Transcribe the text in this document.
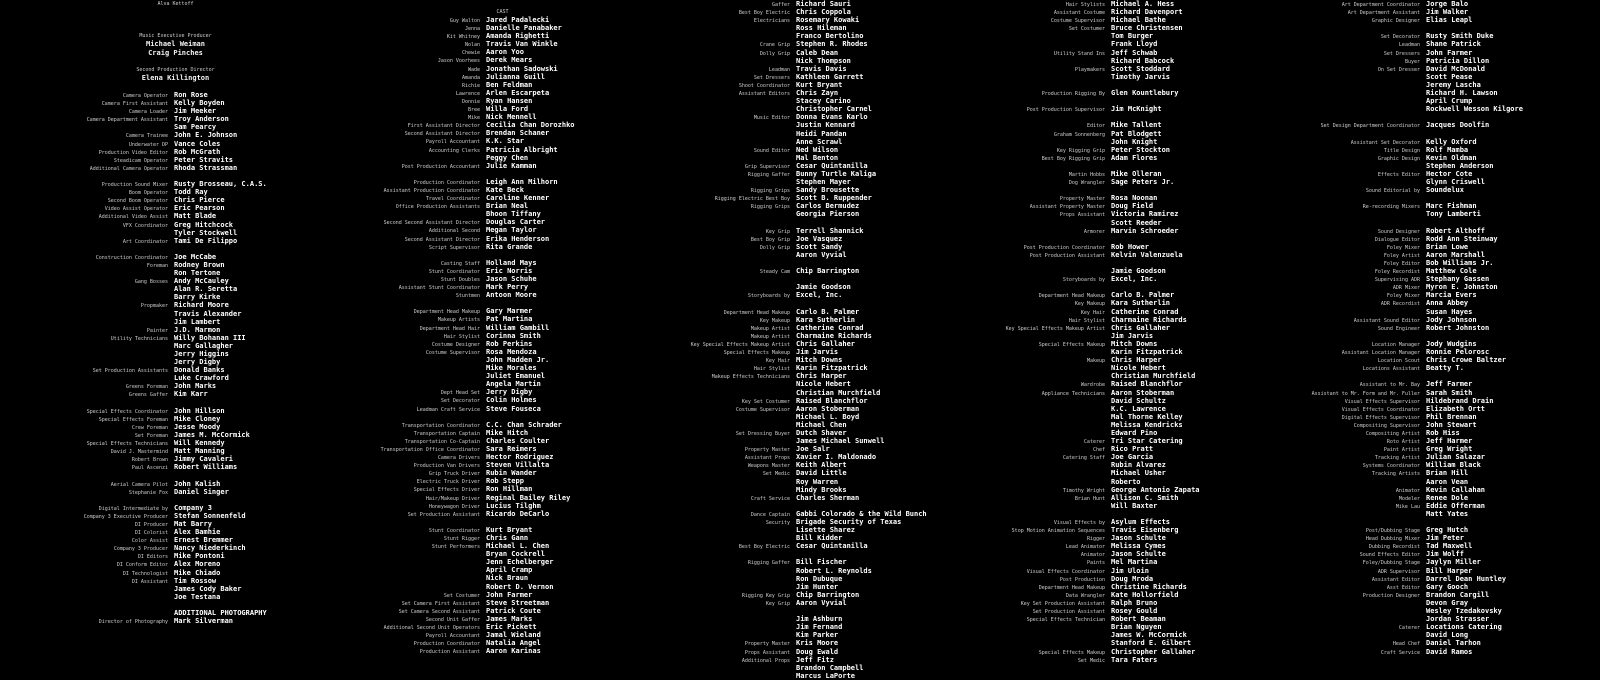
Alva Kettoff
Music Executive Producer
Michael Weiman
Craig Pinches
Second Production Director
Elena Killington
Camera Operator Ron Rose
Camera First Assistant Kelly Boyden
Camera Loader Jim Meeker
Camera Department Assistant Troy Anderson
Sam Pearcy
Camera Trainee John E. Johnson
Underwater DP Vance Coles
Production Video Editor Rob McGrath
Steadicam Operator Peter Stravits
Additional Camera Operator Rhoda Strassman
Production Sound Mixer Rusty Brosseau, C.A.S.
Boom Operator Todd Ray
Second Boom Operator Chris Pierce
Video Assist Operator Eric Pearson
Additional Video Assist Matt Blade
VFX Coordinator Greg Hitchcock
Tyler Stockwell
Art Coordinator Tami De Filippo
Construction Coordinator Joe McCabe
Foreman Rodney Brown
Ron Tertone
Gang Bosses Andy McCauley
Alan R. Seretta
Barry Kirke
Propmaker Richard Moore
Travis Alexander
Jim Lambert
Painter J.D. Marmon
Utility Technicians Willy Bohanan III
Marc Gallagher
Jerry Higgins
Jerry Digby
Set Production Assistants Donald Banks
Luke Crawford
Greens Foreman John Marks
Greens Gaffer Kim Karr
Special Effects Coordinator John Hillson
Special Effects Foreman Mike Cloney
Crew Foreman Jesse Moody
Set Foreman James M. McCormick
Special Effects Technicians Will Kennedy
David J. Mastermind Matt Manning
Robert Brown Jimmy Cavaleri
Paul Ascenzi Robert Williams
Aerial Camera Pilot John Kalish
Stephanie Fox Daniel Singer
Digital Intermediate by Company 3
Company 3 Executive Producer Stefan Sonnenfeld
DI Producer Mat Barry
DI Colorist Alex Bamhie
Color Assist Ernest Bremmer
Company 3 Producer Nancy Niederkinch
DI Editors Mike Pontoni
DI Conform Editor Alex Moreno
DI Technologist Mike Chiado
DI Assistant Tim Rossow
James Cody Baker
Joe Testana
ADDITIONAL PHOTOGRAPHY
Director of Photography Mark Silverman
CAST
Guy Walton Jared Padalecki
Jenna Danielle Panabaker
Kit Whitney Amanda Righetti
Nolan Travis Van Winkle
Chewie Aaron Yoo
Jason Voorhees Derek Mears
Wade Jonathan Sadowski
Amanda Julianna Guill
Richie Ben Feldman
Lawrence Arlen Escarpeta
Donnie Ryan Hansen
Bree Willa Ford
Mike Nick Mennell
First Assistant Director Cecilia Chan Dorozhko
Second Assistant Director Brendan Schaner
Payroll Accountant K.K. Star
Accounting Clerks Patricia Albright
Peggy Chen
Post Production Accountant Julie Kamman
Production Coordinator Leigh Ann Milhorn
Assistant Production Coordinator Kate Beck
Travel Coordinator Caroline Kenner
Office Production Assistants Brian Neal
Bhoon Tiffany
Second Second Assistant Director Douglas Carter
Additional Second Megan Taylor
Second Assistant Director Erika Henderson
Script Supervisor Rita Grande
Casting Staff Holland Mays
Stunt Coordinator Eric Norris
Stunt Doubles Jason Schuhe
Assistant Stunt Coordinator Mark Perry
Stuntmen Antoon Moore
Department Head Makeup Gary Marmer
Makeup Artists Pat Martina
Department Head Hair William Gambill
Hair Stylist Corinna Smith
Costume Designer Rob Perkins
Costume Supervisor Rosa Mendoza
John Madden Jr.
Mike Morales
Juliet Emanuel
Angela Martin
Dept Head Set Jerry Digby
Set Decorator Colin Holmes
Leadman Craft Service Steve Fouseca
Transportation Coordinator C.C. Chan Schrader
Transportation Captain Mike Hitch
Transportation Co-Captain Charles Coulter
Transportation Office Coordinator Sara Reimers
Camera Drivers Hector Rodriguez
Production Van Drivers Steven Villalta
Grip Truck Driver Rubin Wander
Electric Truck Driver Rob Stepp
Special Effects Driver Ron Hillman
Hair/Makeup Driver Reginal Bailey Riley
Honeywagon Driver Lucius Tilghm
Set Production Assistant Ricardo DeCarlo
Stunt Coordinator Kurt Bryant
Stunt Rigger Chris Gann
Stunt Performers Michael L. Chen
Bryan Cockrell
Jenn Echelberger
April Cramp
Nick Braun
Robert D. Vernon
Set Costumer John Farmer
Set Camera First Assistant Steve Streetman
Set Camera Second Assistant Patrick Coute
Second Unit Gaffer James Marks
Additional Second Unit Operators Eric Pickett
Payroll Accountant Jamal Wieland
Production Coordinator Natalia Angel
Production Assistant Aaron Karinas
Gaffer Richard Sauri
Best Boy Electric Chris Coppola
Electricians Rosemary Kowaki
Ross Hileman
Franco Bertolino
Crane Grip Stephen R. Rhodes
Dolly Grip Caleb Dean
Nick Thompson
Leadman Travis Davis
Set Dressers Kathleen Garrett
Shoot Coordinator Kurt Bryant
Assistant Editors Chris Zayn
Stacey Carino
Christopher Carnel
Music Editor Donna Evans Karlo
Justin Kennard
Heidi Pandan
Anne Scrawl
Sound Editor Ned Wilson
Mal Benton
Grip Supervisor Cesar Quintanilla
Rigging Gaffer Bunny Turtle Kaliga
Stephen Mayer
Rigging Grips Sandy Brousette
Rigging Electric Best Boy Scott B. Ruppender
Rigging Grips Carlos Bermudez
Georgia Pierson
Key Grip Terrell Shannick
Best Boy Grip Joe Vasquez
Dolly Grip Scott Sandy
Aaron Vyvial
Steady Cam Chip Barrington
Jamie Goodson
Storyboards by Excel, Inc.
Department Head Makeup Carlo B. Palmer
Key Makeup Kara Sutherlin
Makeup Artist Catherine Conrad
Makeup Artist Charmaine Richards
Key Special Effects Makeup Artist Chris Gallaher
Special Effects Makeup Jim Jarvis
Key Hair Mitch Downs
Hair Stylist Karin Fitzpatrick
Makeup Effects Technicians Chris Harper
Nicole Hebert
Christian Murchfield
Key Set Costumer Raised Blanchflor
Costume Supervisor Aaron Stoberman
Michael L. Boyd
Michael Chen
Set Dressing Buyer Dutch Shaver
James Michael Sunwell
Property Master Joe Salr
Assistant Props Xavier I. Maldonado
Weapons Master Keith Albert
Set Medic David Little
Roy Warren
Mindy Brooks
Craft Service Charles Sherman
Dance Captain Gabbi Colorado & the Wild Bunch
Security Brigade Security of Texas
Lisette Sharez
Bill Kidder
Best Boy Electric Cesar Quintanilla
Rigging Gaffer Bill Fischer
Robert L. Reynolds
Ron Dubuque
Jim Hunter
Rigging Key Grip Chip Barrington
Key Grip Aaron Vyvial
Jim Ashburn
Jim Fernand
Kim Parker
Property Master Kris Moore
Props Assistant Doug Ewald
Additional Props Jeff Fitz
Brandon Campbell
Marcus LaPorte
Hair Stylists Michael A. Hess
Assistant Costume Richard Davenport
Costume Supervisor Michael Bathe
Set Costumer Bruce Christensen
Tom Burger
Frank Lloyd
Utility Stand Ins Jeff Schwab
Richard Babcock
Playmakers Scott Stoddard
Timothy Jarvis
Production Rigging By Glen Kountlebury
Post Production Supervisor Jim McKnight
Editor Mike Tallent
Graham Sonnenberg Pat Blodgett
John Knight
Key Rigging Grip Peter Stockton
Best Boy Rigging Grip Adam Flores
Martin Hobbs Mike Olleran
Dog Wrangler Sage Peters Jr.
Property Master Rosa Noonan
Assistant Property Master Doug Field
Props Assistant Victoria Ramirez
Scott Reeder
Armorer Marvin Schroeder
Post Production Coordinator Rob Hower
Post Production Assistant Kelvin Valenzuela
Jamie Goodson
Storyboards by Excel, Inc.
Department Head Makeup Carlo B. Palmer
Key Makeup Kara Sutherlin
Key Hair Catherine Conrad
Hair Stylist Charmaine Richards
Key Special Effects Makeup Artist Chris Gallaher
Jim Jarvis
Special Effects Makeup Mitch Downs
Karin Fitzpatrick
Makeup Chris Harper
Nicole Hebert
Christian Murchfield
Wardrobe Raised Blanchflor
Appliance Technicians Aaron Stoberman
David Schultz
K.C. Lawrence
Mal Thorne Kelley
Melissa Kendricks
Edward Pino
Caterer Tri Star Catering
Chef Rico Pratt
Catering Staff Joe Garcia
Rubin Alvarez
Michael Usher
Roberto
Timothy Wright George Antonio Zapata
Brian Hunt Allison C. Smith
Will Baxter
Visual Effects by Asylum Effects
Stop Motion Animation Sequences Travis Eisenberg
Rigger Jason Schulte
Lead Animator Melissa Cymes
Animator Jason Schulte
Paints Mel Martina
Visual Effects Coordinator Jim Uloin
Post Production Doug Mroda
Department Head Makeup Christine Richards
Data Wrangler Kate Hollorfield
Key Set Production Assistant Ralph Bruno
Set Production Assistant Rosey Gould
Special Effects Technician Robert Beaman
Brian Nguyen
James W. McCormick
Stanford E. Gilbert
Special Effects Makeup Christopher Gallaher
Set Medic Tara Faters
Art Department Coordinator Jorge Balo
Art Department Assistant Jim Walker
Graphic Designer Elias Leapl
Set Decorator Rusty Smith Duke
Leadman Shane Patrick
Set Dressers John Farmer
Buyer Patricia Dillon
On Set Dresser David McDonald
Scott Pease
Jeremy Lascha
Richard H. Lawson
April Crump
Rockwell Wesson Kilgore
Set Design Department Coordinator Jacques Doolfin
Assistant Set Decorator Kelly Oxford
Title Design Rolf Mamba
Graphic Design Kevin Oldman
Stephen Anderson
Effects Editor Hector Cote
Glynn Criswell
Sound Editorial by Soundelux
Re-recording Mixers Marc Fishman
Tony Lamberti
Sound Designer Robert Althoff
Dialogue Editor Rodd Ann Steinway
Foley Mixer Brian Lowe
Foley Artist Aaron Marshall
Foley Editor Bob Williams Jr.
Foley Recordist Matthew Cole
Supervising ADR Stephany Gassen
ADR Mixer Myron E. Johnston
Foley Mixer Marcia Evers
ADR Recordist Anna Abbey
Susan Hayes
Assistant Sound Editor Jody Johnson
Sound Engineer Robert Johnston
Location Manager Jody Wudgins
Assistant Location Manager Ronnie Pelorosc
Location Scout Chris Crowe Baltzer
Locations Assistant Beatty T.
Assistant to Mr. Bay Jeff Farmer
Assistant to Mr. Form and Mr. Fuller Sarah Smith
Visual Effects Supervisor Hildebrand Drain
Visual Effects Coordinator Elizabeth Ortt
Digital Effects Supervisor Phil Brennan
Compositing Supervisor John Stewart
Compositing Artist Rob Hiss
Roto Artist Jeff Harmer
Paint Artist Greg Wright
Tracking Artist Julian Salazar
Systems Coordinator William Black
Tracking Artists Brian Hill
Aaron Vean
Animator Kevin Callahan
Modeler Renee Dole
Mike Lau Eddie Offerman
Matt Yates
Post/Dubbing Stage Greg Hutch
Head Dubbing Mixer Jim Peter
Dubbing Recordist Tad Maxwell
Sound Effects Editor Jim Wolff
Foley/Dubbing Stage Jaylyn Miller
ADR Supervisor Bill Harper
Assistant Editor Darrel Dean Huntley
Asst Editor Gary Gooch
Production Designer Brandon Cargill
Devon Gray
Wesley Tzedakovsky
Jordan Strasser
Caterer Locations Catering
David Long
Head Chef Daniel Tarhon
Craft Service David Ramos
